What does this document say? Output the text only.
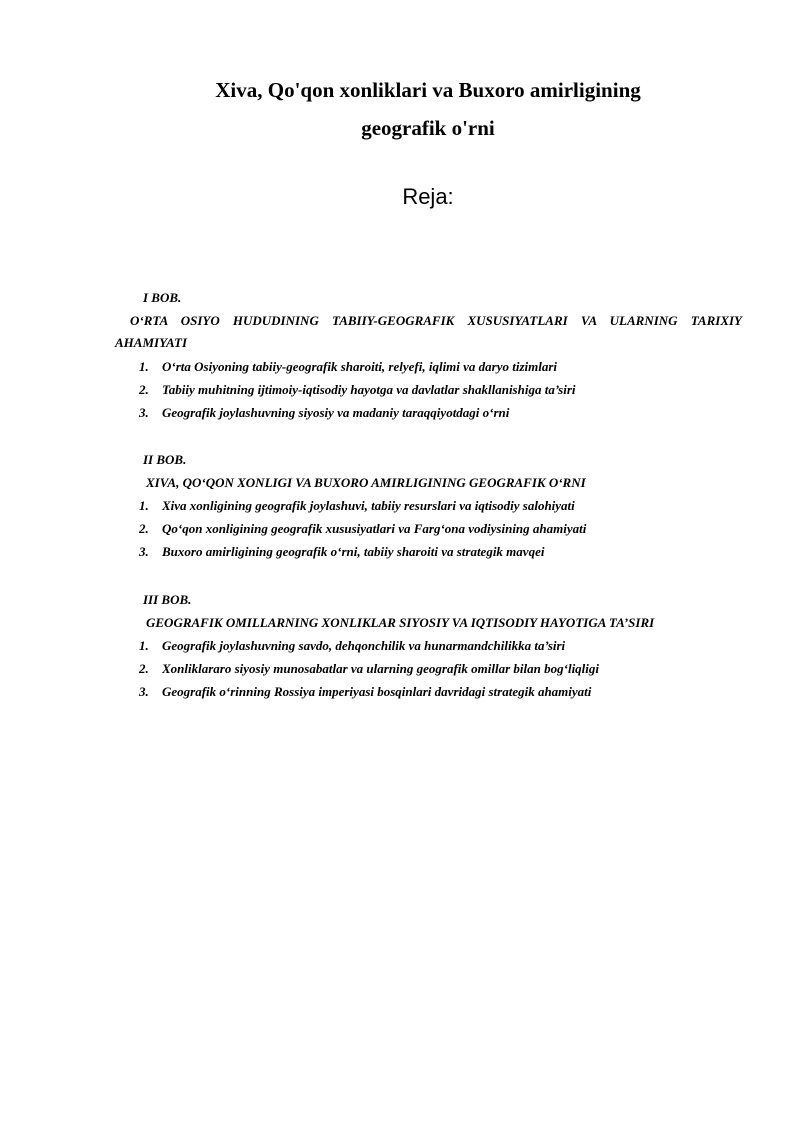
Xiva, Qo'qon xonliklari va Buxoro amirligining
geografik o'rni
Reja:
I BOB.
O‘RTA OSIYO HUDUDINING TABIIY-GEOGRAFIK XUSUSIYATLARI VA ULARNING TARIXIY AHAMIYATI
1. O‘rta Osiyoning tabiiy-geografik sharoiti, relyefi, iqlimi va daryo tizimlari
2. Tabiiy muhitning ijtimoiy-iqtisodiy hayotga va davlatlar shakllanishiga ta’siri
3. Geografik joylashuvning siyosiy va madaniy taraqqiyotdagi o‘rni
II BOB.
XIVA, QO‘QON XONLIGI VA BUXORO AMIRLIGINING GEOGRAFIK O‘RNI
1. Xiva xonligining geografik joylashuvi, tabiiy resurslari va iqtisodiy salohiyati
2. Qo‘qon xonligining geografik xususiyatlari va Farg‘ona vodiysining ahamiyati
3. Buxoro amirligining geografik o‘rni, tabiiy sharoiti va strategik mavqei
III BOB.
GEOGRAFIK OMILLARNING XONLIKLAR SIYOSIY VA IQTISODIY HAYOTIGA TA’SIRI
1. Geografik joylashuvning savdo, dehqonchilik va hunarmandchilikka ta’siri
2. Xonliklararo siyosiy munosabatlar va ularning geografik omillar bilan bog‘liqligi
3. Geografik o‘rinning Rossiya imperiyasi bosqinlari davridagi strategik ahamiyati
